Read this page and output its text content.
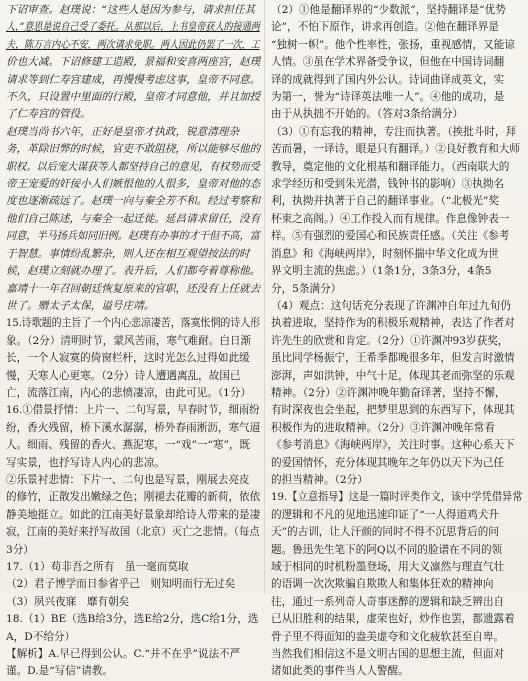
下诏审查。赵璞说：“这些人是因为参与，请求担任其
人，”意思是说自己受了委托。从那以后，上书皇帝获人的接通两
夫，陈万言内心不安，两次请求免职。两人因此仍罢了一次，工
价也大减。下诏修建工造殿，景福和安喜两座宫，赵璞
请求等到仁寿宫建成，再慢慢考虑这事，皇帝不同意。
不久，只设置中里面的行殿，皇帝才同意他，并且加授
了仁寿宫的管役。
赵璞当尚书六年，正好是皇帝才执政，锐意清理杂
务，革除旧弊的时候，官吏不敢阻挠，所以能够尽他的
职权。以后宠大谋获等人都坚持自己的意见，有权势而受
帝王宠爱的奸佞小人们嫉恨他的人很多，皇帝对他的态
度也逐渐疏远了。赵璞一向与秦全芳不和。经过考察和
他们自己陈述，与秦全一起迁徙。延昌请求留任，没有
同意，半马扬兵如同旧例。赵璞有办事的才干但不高，富
于智慧。事情纷乱繁杂，则人还在相互观望按法的时
候，赵璞立刻就办理了。表升后，人们都夸着尊称他。
嘉靖十一年召回朝廷恢复原来的官职，还没有上任就去
世了。赠太子太保，谥号庄靖。
15.诗歌题的主旨了一个内心悲凉凄苦，落寞怅惘的诗人形
象。（2分）清明时节，蒙风苦雨，寒气难耐。白日渐
长，一个人寂寞的倚窗栏杆，这时光怎么过得如此缓
慢，天寒人心更寒。（2分）诗人遭遇离乱，故国已
亡，流落江南，内心的悲愤凄凉，由此可见。（1分）
16.①借景抒情：上片一、二句写景，早春时节，细雨纷
纷，香火残留，桥下溪水潺潺，桥外春雨淅沥，寒气逼
人。细雨、残留的香火、燕泥寒，一“戏”一“寒”，既
写实景，也抒写诗人内心的悲凉。
②乐景衬悲情：下片一、二句也是写景，刚展去亮皮
的修竹，正散发出嫩绿之色；刚褪去花瓣的新荷，依依
静美地挺立。如此的江南美好景象却给诗人带来的是凄
寂，江南的美好来抒写故国（北京）灭亡之悲情。（每点
3分）
17.（1）苟非吾之所有　虽一毫而莫取
（2）君子博学而日参省乎己　则知明而行无过矣
（3）夙兴夜寐　靡有朝矣
18.（1）BE（选B给3分，选E给2分，选C给1分，选
A，D不给分）
【解析】A.早已得到公认。C.“并不在乎”说法不严
谨。D.是“写信”请教。
（2）①他是翻译界的“少数派”，坚持翻译是“优势
论”，不怕下原作，讲求再创造。②他在翻译界是
“独树一帜”。他个性率性，张扬，重视感情，又能谅
人情。③虽在学术界备受争议，但他在中国诗词翻
译的成就得到了国内外公认。诗词曲译成英文，实
为第一，誉为“诗译英法唯一人”。④他的成功，是
由于从执拙不开始的。（答对3条给满分）
（3）①有忘我的精神，专注而执著。（挨批斗时，拜
苦而暑，一译诗，眼是只有翻译。）②良好教育和大师
教导，奠定他的文化根基和翻译能力。（西南联大的
求学经历和受到朱光潜，钱钟书的影响）③执拗名
利，执拗并执著于自己的翻译事业。（“北极光”奖
杯束之高阁。）④工作投入而有规律。作息像钟表一
样。⑤有强烈的爱国心和民族责任感。（关注《参考
消息》和《海峡两岸》，时刻怀揣中华文化成为世
界文明主流的焦虑。）（1条1分，3条3分，4条5
分，5条满分）
（4）观点：这句话充分表现了许渊冲自年过九旬仍
执着进取，坚持作为的积极乐观精神，表达了作者对
许先生的欣赏和肯定。（2分）①许渊冲93岁获奖，
虽比同学杨振宁，王希季都晚很多年，但发言时激情
澎湃，声如洪钟，中气十足，体现其老而弥坚的乐观
精神。（2分）②许渊冲晚年勤奋译著，坚持不懈，
有时深夜也会坐起，把梦里思到的东西写下，体现其
积极作为的进取精神。（2分）③许渊冲晚年常看
《参考消息》《海峡两岸》，关注时事。这种心系天下
的爱国情怀，充分体现其晚年之年仍以天下为己任
的担当精神。（2分）
19.【立意指导】这是一篇时评类作文，该中学凭借异常
的逻辑和不凡的见地迅速印证了“一人得道鸡犬升
天”的古训，让人汗颜的同时不得不沉思背后的问
题。鲁迅先生笔下的阿Q以不同的脸谱在不同的领
域于相同的时机粉墨登场，用大义凛然与理直气壮
的语调一次次欺骗自欺欺人和集体狂欢的精神向
往，通过一系列奇人奇事迷醉的逻辑和缺乏辨出自
已从旧胜利的结果，虚荣也好，炒作也罢，都遗露着
骨子里不得面知的盎美虚夸和文化疲软甚至自卑。
当然我们相信这不是文明古国的思想主流，但面对
诸如此类的事件当人人警醒。
